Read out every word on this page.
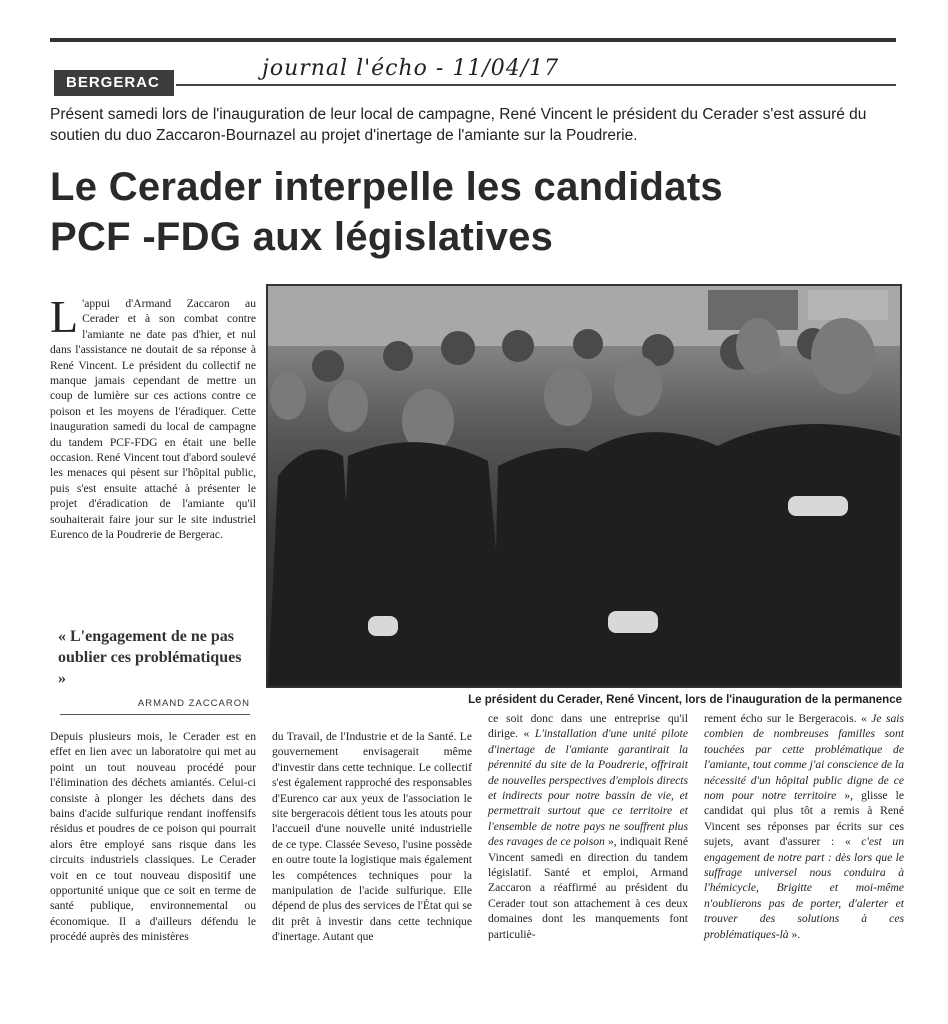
BERGERAC
journal l'écho - 11/04/17
Présent samedi lors de l'inauguration de leur local de campagne, René Vincent le président du Cerader s'est assuré du soutien du duo Zaccaron-Bournazel au projet d'inertage de l'amiante sur la Poudrerie.
Le Cerader interpelle les candidats
PCF -FDG aux législatives
L 'appui d'Armand Zaccaron au Cerader et à son combat contre l'amiante ne date pas d'hier, et nul dans l'assistance ne doutait de sa réponse à René Vincent. Le président du collectif ne manque jamais cependant de mettre un coup de lumière sur ces actions contre ce poison et les moyens de l'éradiquer. Cette inauguration samedi du local de campagne du tandem PCF-FDG en était une belle occasion. René Vincent tout d'abord soulevé les menaces qui pèsent sur l'hôpital public, puis s'est ensuite attaché à présenter le projet d'éradication de l'amiante qu'il souhaiterait faire jour sur le site industriel Eurenco de la Poudrerie de Bergerac.
« L'engagement de ne pas oublier ces problématiques »
ARMAND ZACCARON	Le président du Cerader, René Vincent, lors de l'inauguration de la permanence
Depuis plusieurs mois, le Cerader est en effet en lien avec un laboratoire qui met au point un tout nouveau procédé pour l'élimination des déchets amiantés. Celui-ci consiste à plonger les déchets dans des bains d'acide sulfurique rendant inoffensifs résidus et poudres de ce poison qui pourrait alors être employé sans risque dans les circuits industriels classiques. Le Cerader voit en ce tout nouveau dispositif une opportunité unique que ce soit en terme de santé publique, environnemental ou économique. Il a d'ailleurs défendu le procédé auprès des ministères
du Travail, de l'Industrie et de la Santé. Le gouvernement envisagerait même d'investir dans cette technique. Le collectif s'est également rapproché des responsables d'Eurenco car aux yeux de l'association le site bergeracois détient tous les atouts pour l'accueil d'une nouvelle unité industrielle de ce type. Classée Seveso, l'usine possède en outre toute la logistique mais également les compétences techniques pour la manipulation de l'acide sulfurique. Elle dépend de plus des services de l'État qui se dit prêt à investir dans cette technique d'inertage. Autant que
ce soit donc dans une entreprise qu'il dirige. « L'installation d'une unité pilote d'inertage de l'amiante garantirait la pérennité du site de la Poudrerie, offrirait de nouvelles perspectives d'emplois directs et indirects pour notre bassin de vie, et permettrait surtout que ce territoire et l'ensemble de notre pays ne souffrent plus des ravages de ce poison », indiquait René Vincent samedi en direction du tandem législatif. Santé et emploi, Armand Zaccaron a réaffirmé au président du Cerader tout son attachement à ces deux domaines dont les manquements font particuliè-
rement écho sur le Bergeracois. « Je sais combien de nombreuses familles sont touchées par cette problématique de l'amiante, tout comme j'ai conscience de la nécessité d'un hôpital public digne de ce nom pour notre territoire », glisse le candidat qui plus tôt a remis à René Vincent ses réponses par écrits sur ces sujets, avant d'assurer : « c'est un engagement de notre part : dès lors que le suffrage universel nous conduira à l'hémicycle, Brigitte et moi-même n'oublierons pas de porter, d'alerter et trouver des solutions à ces problématiques-là ».
